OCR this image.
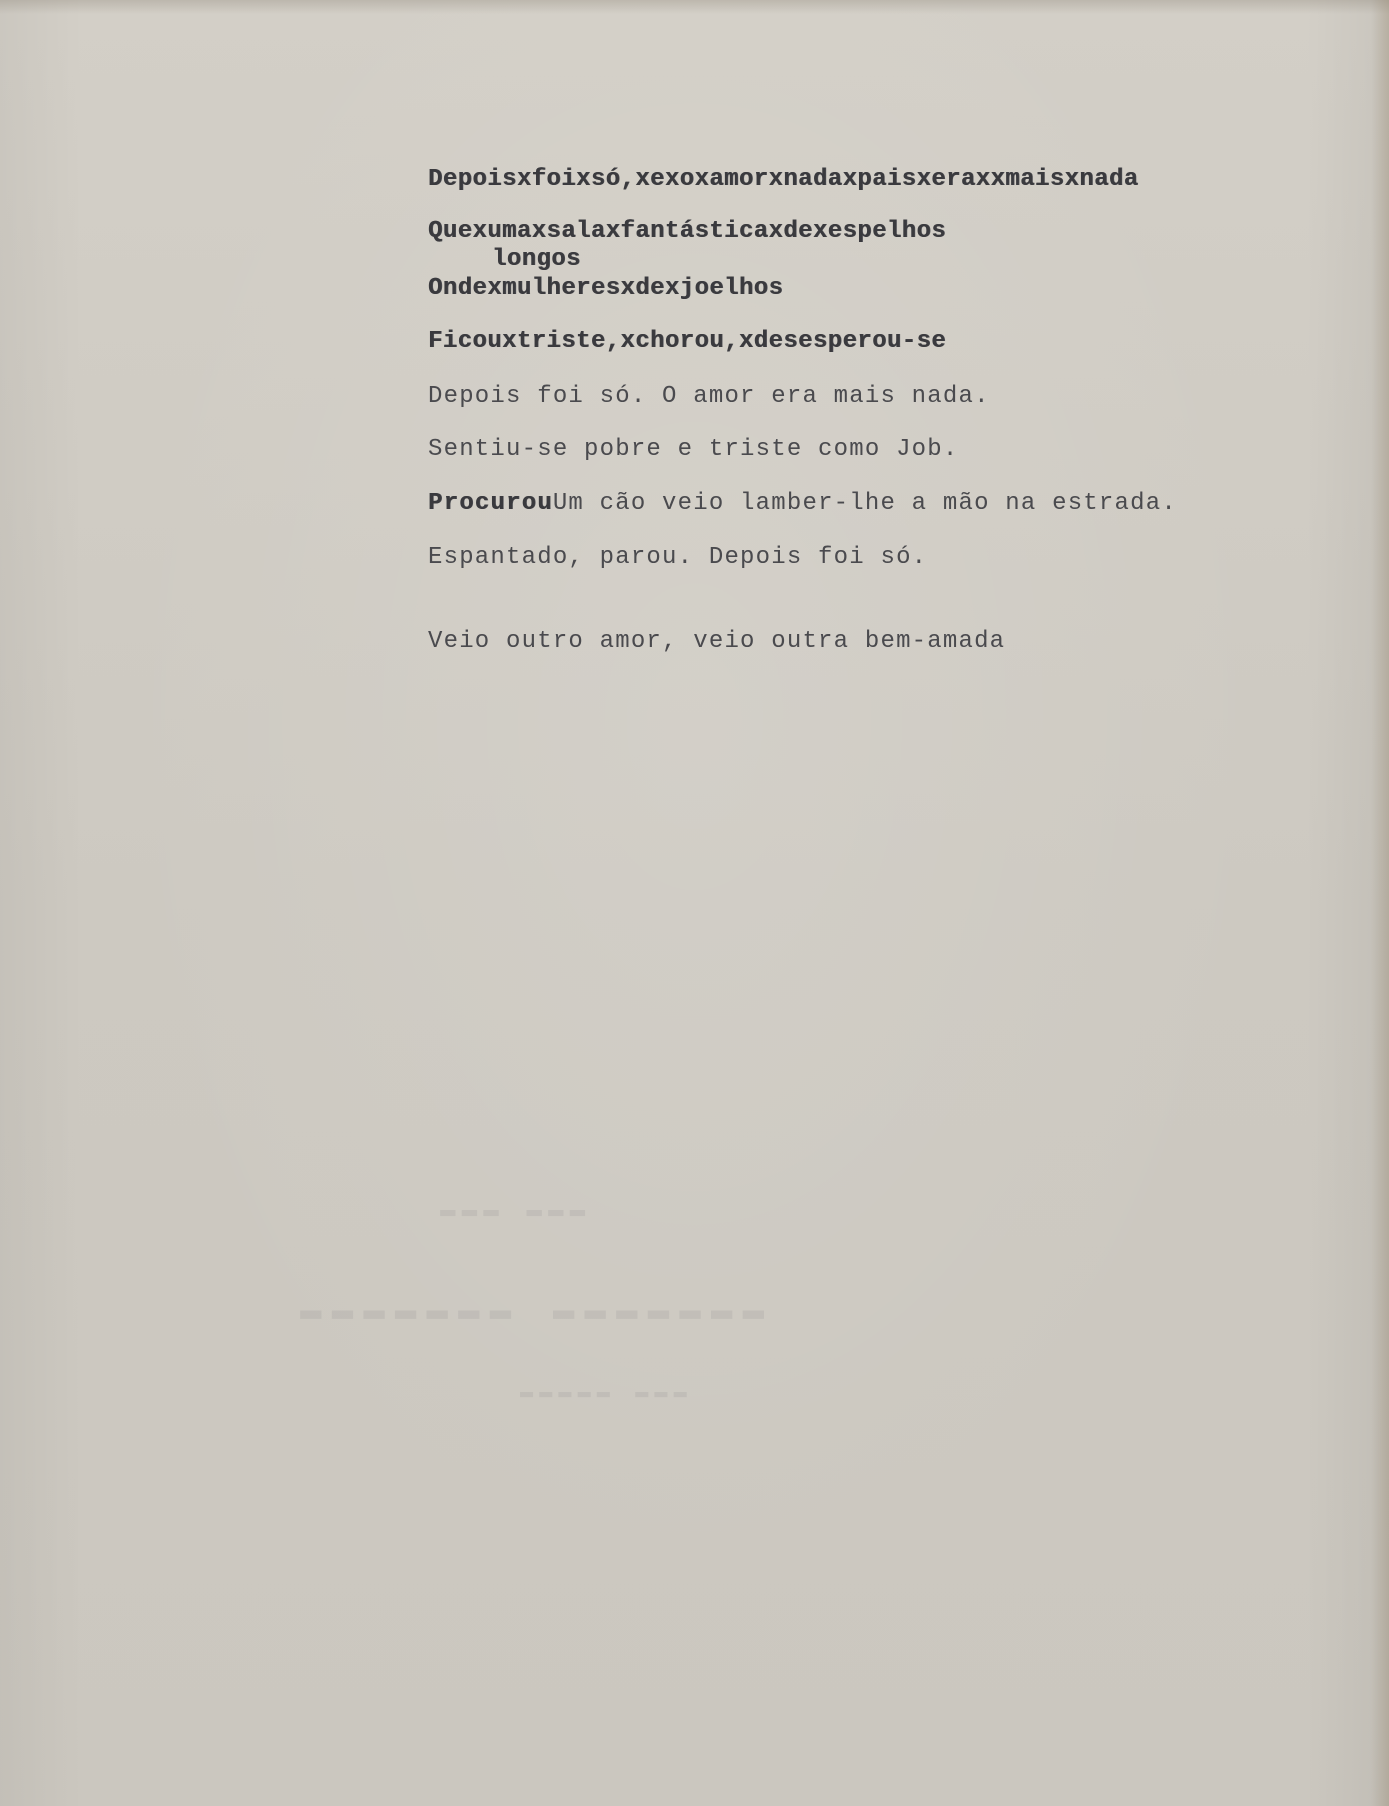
▬▬▬ ▬▬▬
▬▬▬▬▬▬▬ ▬▬▬▬▬▬▬
▬▬▬▬▬ ▬▬▬
Depoisxfoixsó,xexoxamorxnadaxpaisxeraxxmaisxnada
Quexumaxsalaxfantásticaxdexespelhos
longos
Ondexmulheresxdexjoelhos
Ficouxtriste,xchorou,xdesesperou-se
Depois foi só. O amor era mais nada.
Sentiu-se pobre e triste como Job.
ProcurouUm cão veio lamber-lhe a mão na estrada.
Espantado, parou. Depois foi só.
Veio outro amor, veio outra bem-amada
